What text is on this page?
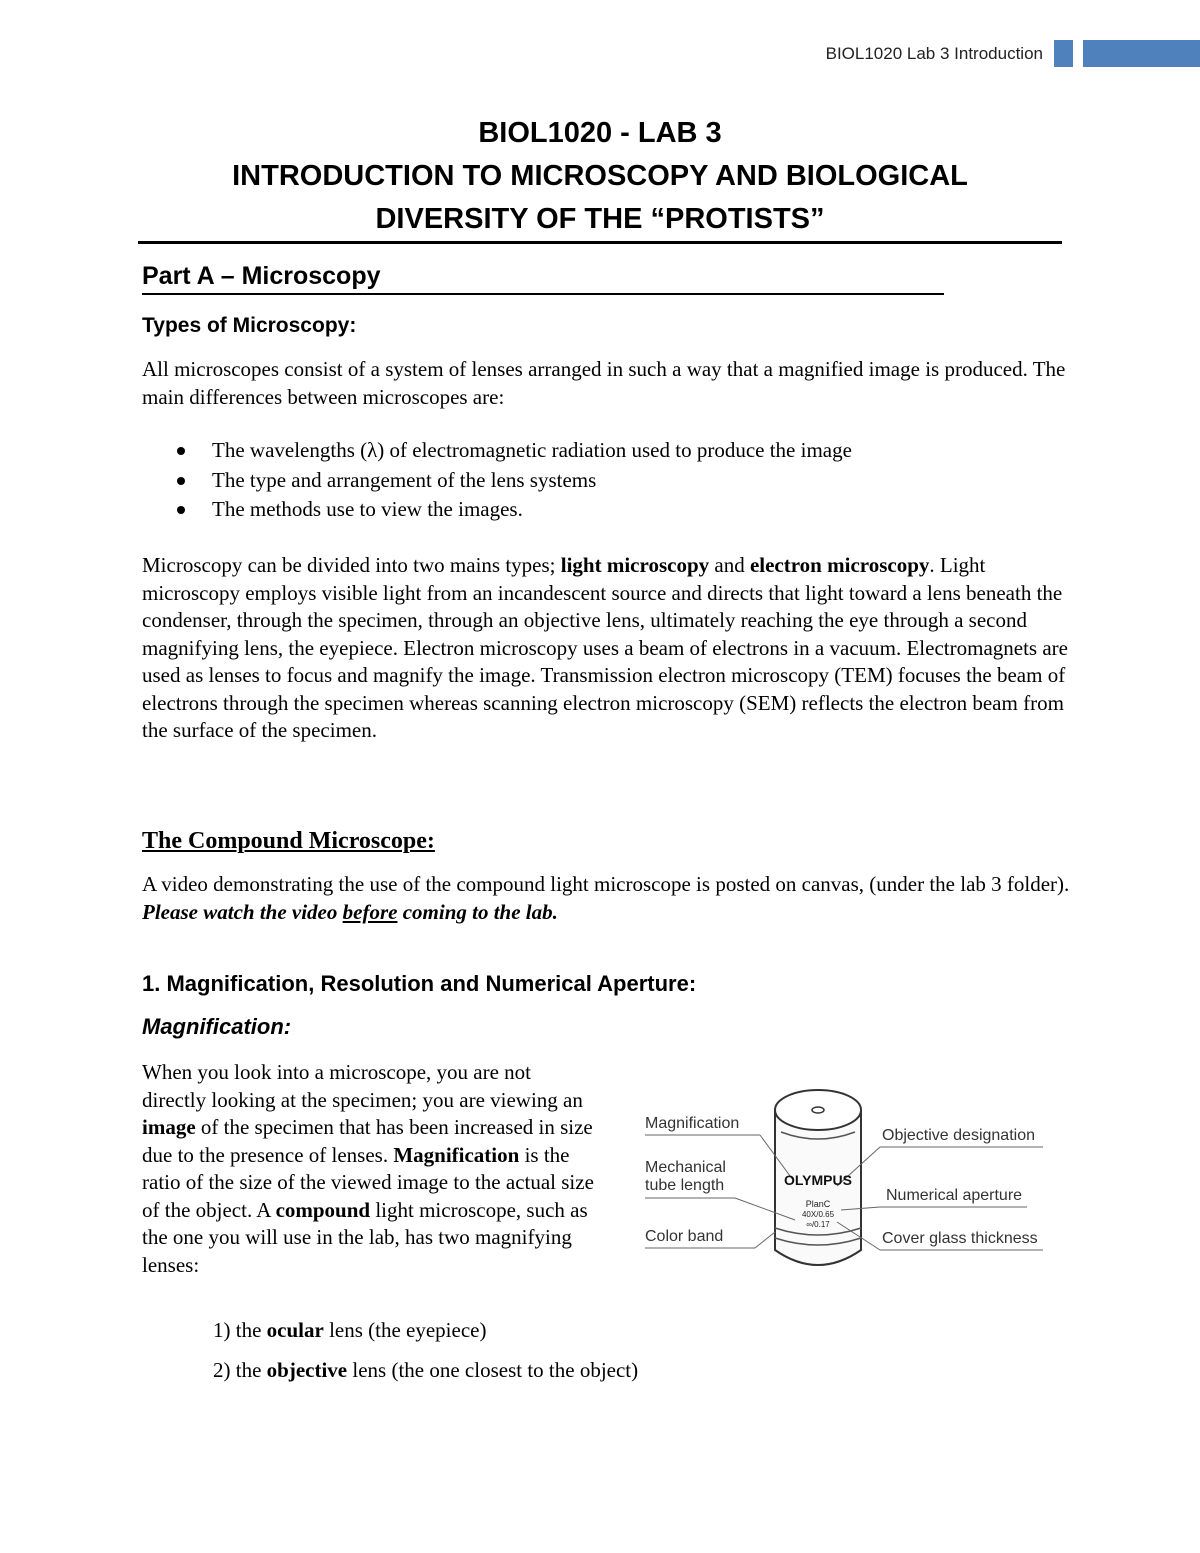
BIOL1020 Lab 3 Introduction
BIOL1020 - LAB 3
INTRODUCTION TO MICROSCOPY AND BIOLOGICAL
DIVERSITY OF THE “PROTISTS”
Part A – Microscopy
Types of Microscopy:

All microscopes consist of a system of lenses arranged in such a way that a magnified image is produced. The main differences between microscopes are:

The wavelengths (λ) of electromagnetic radiation used to produce the image
The type and arrangement of the lens systems
The methods use to view the images.

Microscopy can be divided into two mains types; light microscopy and electron microscopy. Light microscopy employs visible light from an incandescent source and directs that light toward a lens beneath the condenser, through the specimen, through an objective lens, ultimately reaching the eye through a second magnifying lens, the eyepiece. Electron microscopy uses a beam of electrons in a vacuum. Electromagnets are used as lenses to focus and magnify the image. Transmission electron microscopy (TEM) focuses the beam of electrons through the specimen whereas scanning electron microscopy (SEM) reflects the electron beam from the surface of the specimen.

The Compound Microscope:

A video demonstrating the use of the compound light microscope is posted on canvas, (under the lab 3 folder). Please watch the video before coming to the lab.

1. Magnification, Resolution and Numerical Aperture:
Magnification:

When you look into a microscope, you are not directly looking at the specimen; you are viewing an image of the specimen that has been increased in size due to the presence of lenses. Magnification is the ratio of the size of the viewed image to the actual size of the object. A compound light microscope, such as the one you will use in the lab, has two magnifying lenses:

1) the ocular lens (the eyepiece)
2) the objective lens (the one closest to the object)
OLYMPUS
PlanC
40X/0.65
∞/0.17
Magnification
Mechanical
tube length
Color band
Objective designation
Numerical aperture
Cover glass thickness
